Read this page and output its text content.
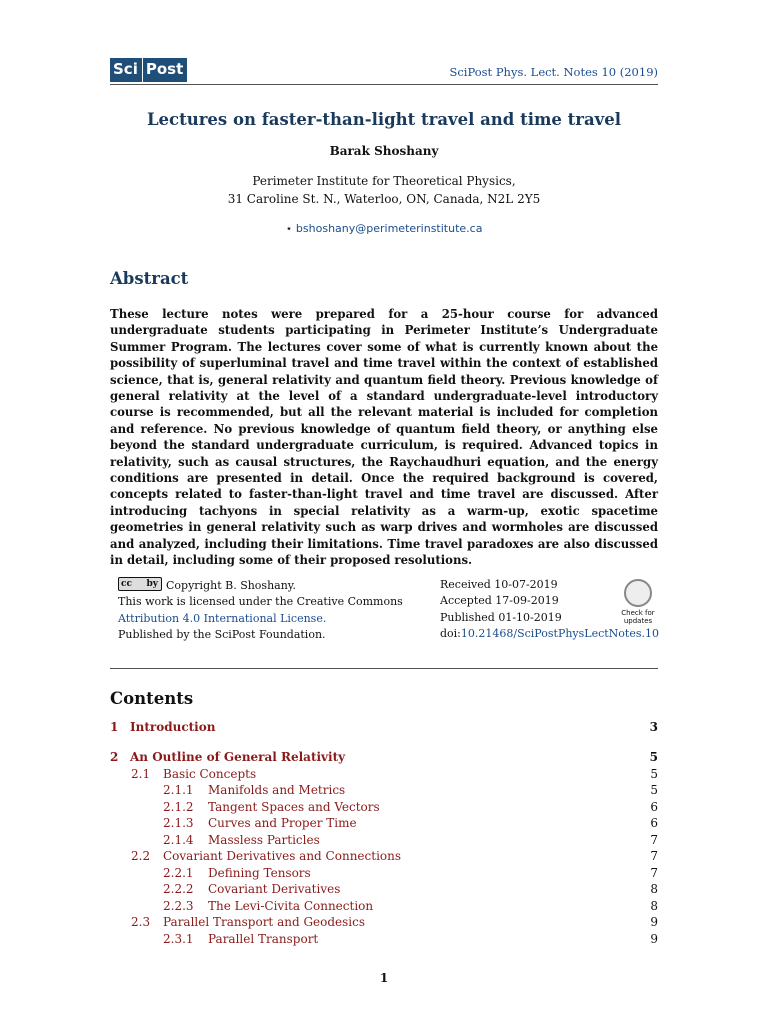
Sci Post	SciPost Phys. Lect. Notes 10 (2019)
Lectures on faster-than-light travel and time travel
Barak Shoshany
Perimeter Institute for Theoretical Physics,
31 Caroline St. N., Waterloo, ON, Canada, N2L 2Y5
⋆ bshoshany@perimeterinstitute.ca
Abstract
These lecture notes were prepared for a 25-hour course for advanced undergraduate students participating in Perimeter Institute’s Undergraduate Summer Program. The lectures cover some of what is currently known about the possibility of superluminal travel and time travel within the context of established science, that is, general relativity and quantum field theory. Previous knowledge of general relativity at the level of a standard undergraduate-level introductory course is recommended, but all the relevant material is included for completion and reference. No previous knowledge of quantum field theory, or anything else beyond the standard undergraduate curriculum, is required. Advanced topics in relativity, such as causal structures, the Raychaudhuri equation, and the energy conditions are presented in detail. Once the required background is covered, concepts related to faster-than-light travel and time travel are discussed. After introducing tachyons in special relativity as a warm-up, exotic spacetime geometries in general relativity such as warp drives and wormholes are discussed and analyzed, including their limitations. Time travel paradoxes are also discussed in detail, including some of their proposed resolutions.
cc byCopyright B. Shoshany.
This work is licensed under the Creative Commons
Attribution 4.0 International License.
Published by the SciPost Foundation.
Received 10-07-2019
Accepted 17-09-2019
Published 01-10-2019
doi:10.21468/SciPostPhysLectNotes.10
Check for
updates
Contents
1 Introduction	3
2 An Outline of General Relativity	5
2.1 Basic Concepts	5
2.1.1 Manifolds and Metrics	5
2.1.2 Tangent Spaces and Vectors	6
2.1.3 Curves and Proper Time	6
2.1.4 Massless Particles	7
2.2 Covariant Derivatives and Connections	7
2.2.1 Defining Tensors	7
2.2.2 Covariant Derivatives	8
2.2.3 The Levi-Civita Connection	8
2.3 Parallel Transport and Geodesics	9
2.3.1 Parallel Transport	9
1
